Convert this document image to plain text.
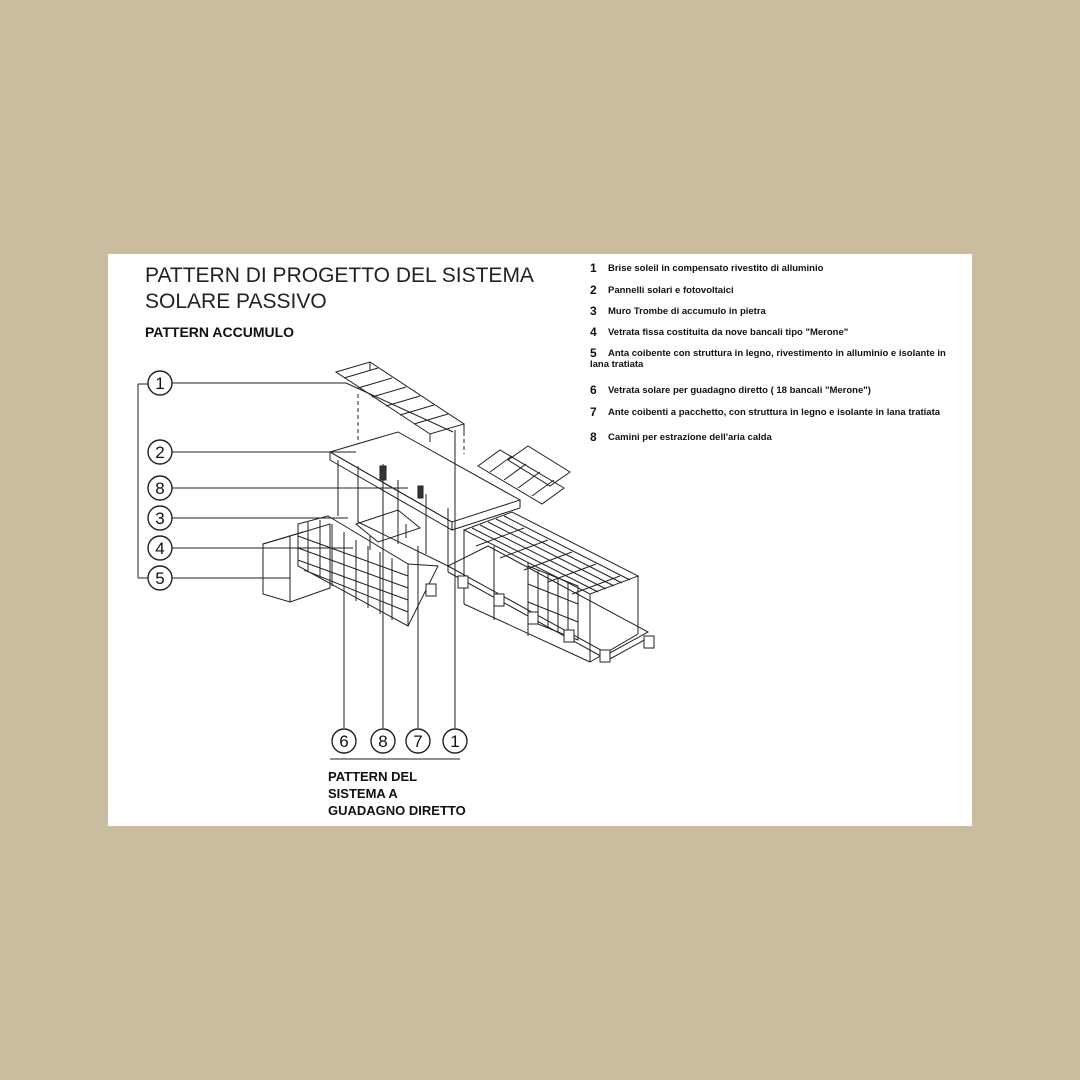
1
2
8
3
4
5
6 8 7 1
PATTERN DI PROGETTO DEL SISTEMA
SOLARE PASSIVO
PATTERN ACCUMULO
PATTERN DEL
SISTEMA A
GUADAGNO DIRETTO
1	Brise soleil in compensato rivestito di alluminio
2	Pannelli solari e fotovoltaici
3	Muro Trombe di accumulo in pietra
4	Vetrata fissa costituita da nove bancali tipo "Merone"
5	Anta coibente con struttura in legno, rivestimento in alluminio e isolante in lana tratiata
6	Vetrata solare per guadagno diretto ( 18 bancali "Merone")
7	Ante coibenti a pacchetto, con struttura in legno e isolante in lana tratiata
8	Camini per estrazione dell'aria calda
